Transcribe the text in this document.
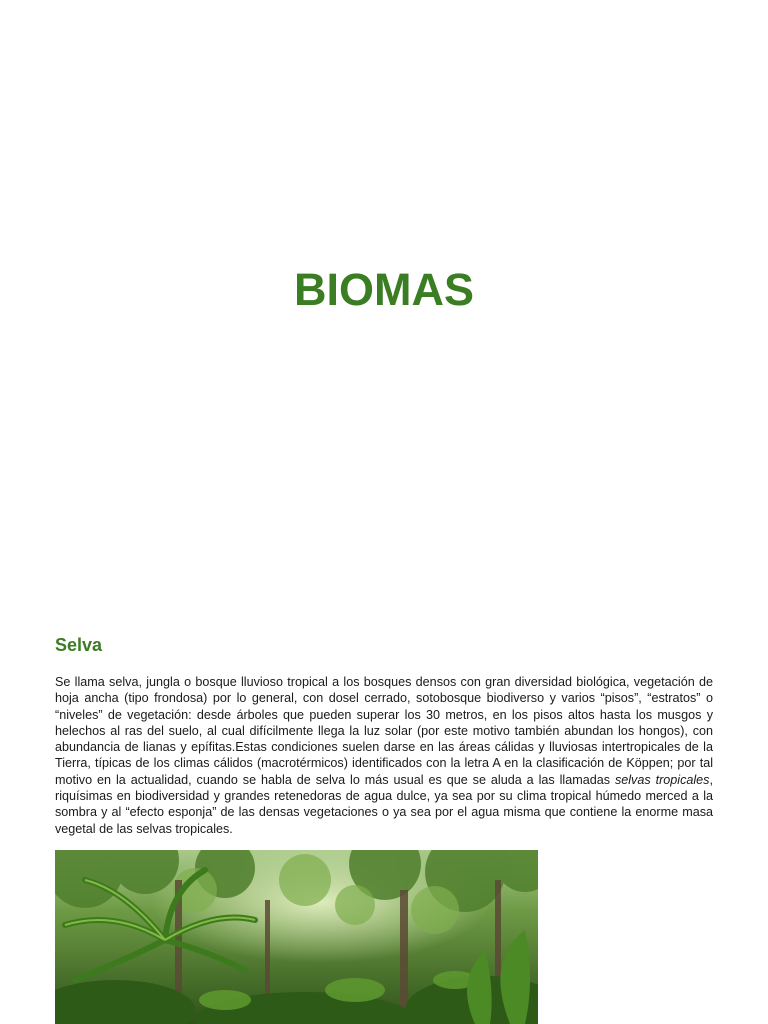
BIOMAS
Selva

Se llama selva, jungla o bosque lluvioso tropical a los bosques densos con gran diversidad biológica, vegetación de hoja ancha (tipo frondosa) por lo general, con dosel cerrado, sotobosque biodiverso y varios “pisos”, “estratos” o “niveles” de vegetación: desde árboles que pueden superar los 30 metros, en los pisos altos hasta los musgos y helechos al ras del suelo, al cual difícilmente llega la luz solar (por este motivo también abundan los hongos), con abundancia de lianas y epífitas.Estas condiciones suelen darse en las áreas cálidas y lluviosas intertropicales de la Tierra, típicas de los climas cálidos (macrotérmicos) identificados con la letra A en la clasificación de Köppen; por tal motivo en la actualidad, cuando se habla de selva lo más usual es que se aluda a las llamadas selvas tropicales, riquísimas en biodiversidad y grandes retenedoras de agua dulce, ya sea por su clima tropical húmedo merced a la sombra y al “efecto esponja” de las densas vegetaciones o ya sea por el agua misma que contiene la enorme masa vegetal de las selvas tropicales.
